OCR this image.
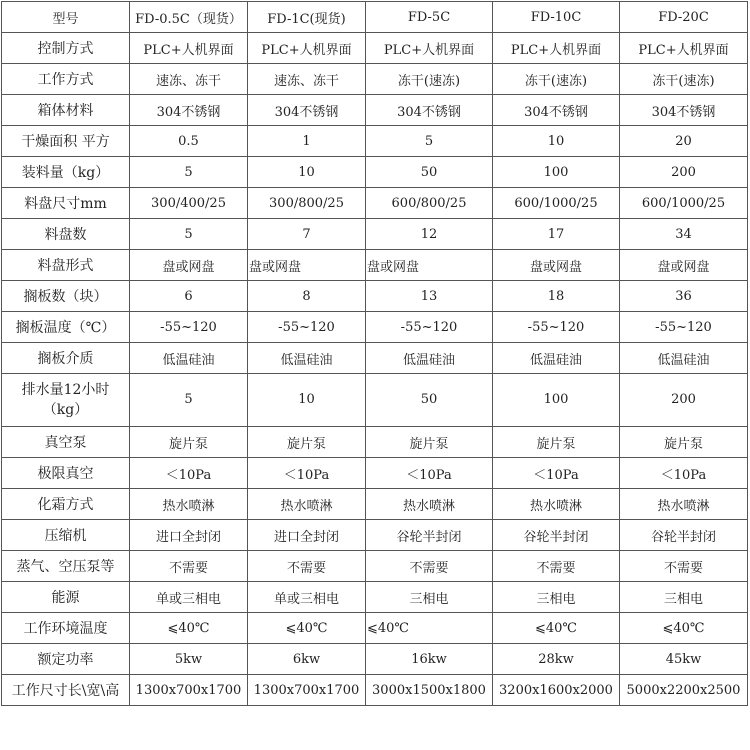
型号	FD-0.5C（现货）	FD-1C(现货)	FD-5C	FD-10C	FD-20C
控制方式	PLC+人机界面	PLC+人机界面	PLC+人机界面	PLC+人机界面	PLC+人机界面
工作方式	速冻、冻干	速冻、冻干	冻干(速冻)	冻干(速冻)	冻干(速冻)
箱体材料	304不锈钢	304不锈钢	304不锈钢	304不锈钢	304不锈钢
干燥面积 平方	0.5	1	5	10	20
装料量（kg）	5	10	50	100	200
料盘尺寸mm	300/400/25	300/800/25	600/800/25	600/1000/25	600/1000/25
料盘数	5	7	12	17	34
料盘形式	盘或网盘	盘或网盘	盘或网盘	盘或网盘	盘或网盘
搁板数（块）	6	8	13	18	36
搁板温度（℃）	-55~120	-55~120	-55~120	-55~120	-55~120
搁板介质	低温硅油	低温硅油	低温硅油	低温硅油	低温硅油
排水量12小时（kg）	5	10	50	100	200
真空泵	旋片泵	旋片泵	旋片泵	旋片泵	旋片泵
极限真空	＜10Pa	＜10Pa	＜10Pa	＜10Pa	＜10Pa
化霜方式	热水喷淋	热水喷淋	热水喷淋	热水喷淋	热水喷淋
压缩机	进口全封闭	进口全封闭	谷轮半封闭	谷轮半封闭	谷轮半封闭
蒸气、空压泵等	不需要	不需要	不需要	不需要	不需要
能源	单或三相电	单或三相电	三相电	三相电	三相电
工作环境温度	⩽40℃	⩽40℃	⩽40℃	⩽40℃	⩽40℃
额定功率	5kw	6kw	16kw	28kw	45kw
工作尺寸长\宽\高	1300x700x1700	1300x700x1700	3000x1500x1800	3200x1600x2000	5000x2200x2500
